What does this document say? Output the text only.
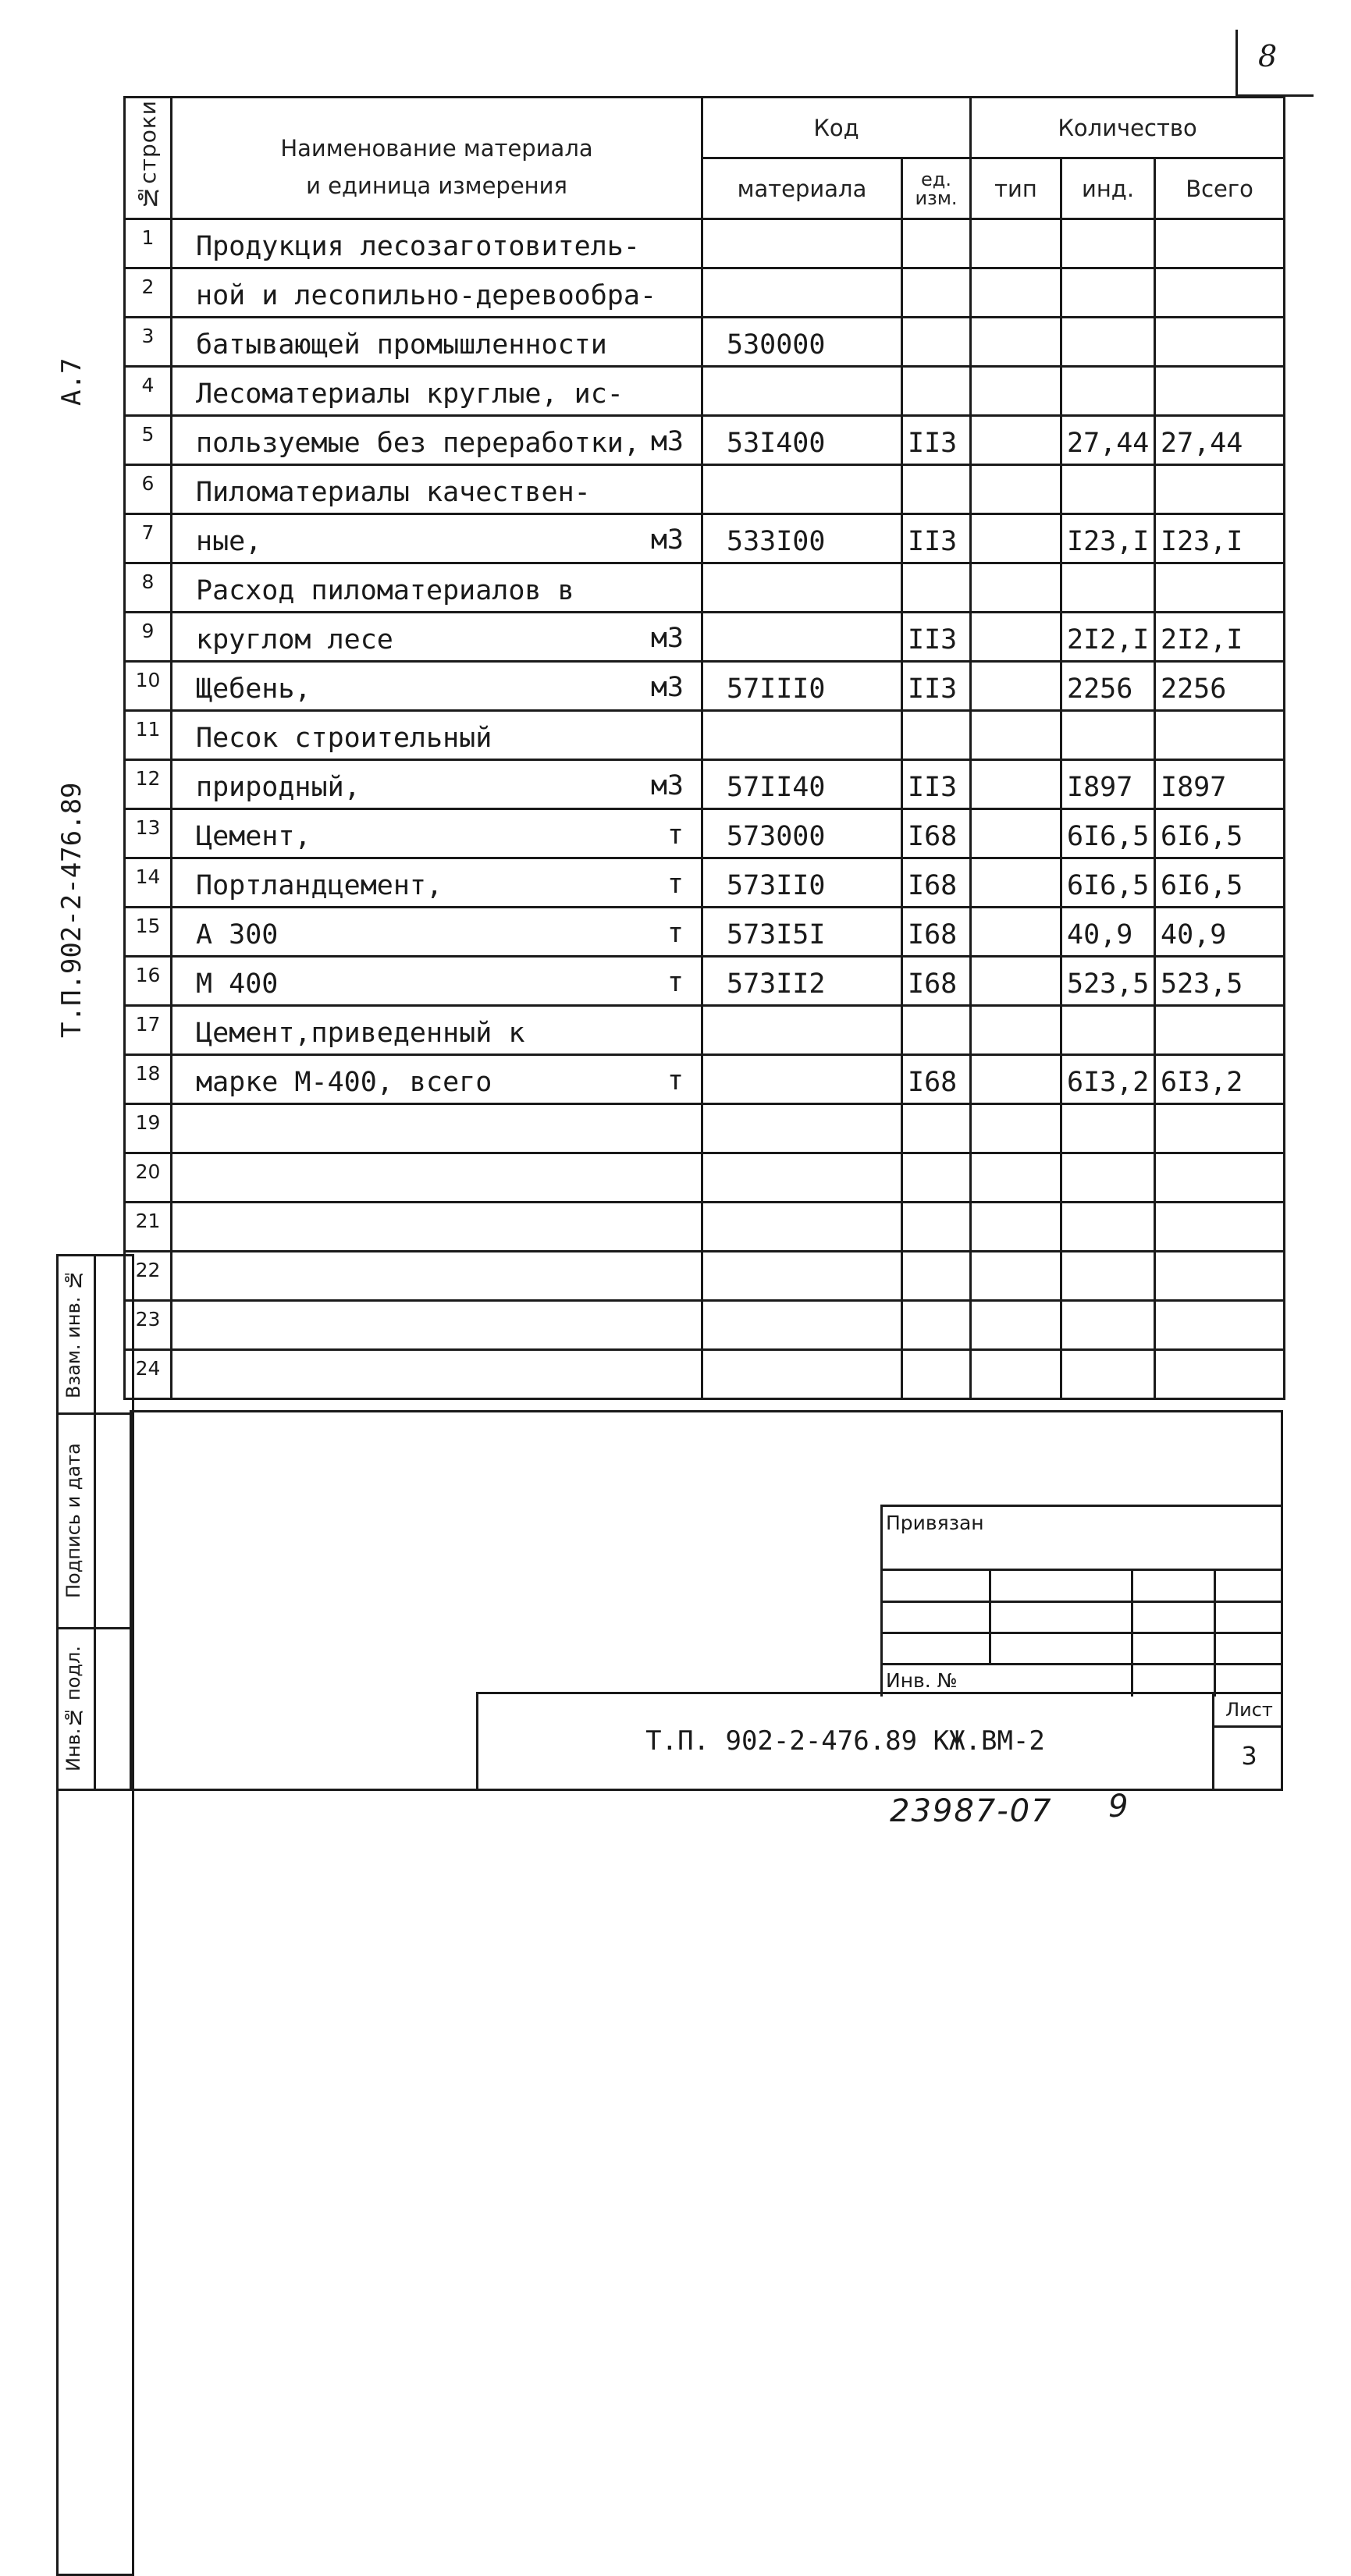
8
А.7
Т.П.902-2-476.89
№строки	Наименование материала
и единица измерения	Код		Количество		
		материала	ед. изм.	тип	инд.	Всего
1	Продукция лесозаготовитель-

2	ной и лесопильно-деревообра-

3	батывающей промышленности	530000				
4	Лесоматериалы круглые, ис-

5	пользуемые без переработки, м3	53I400	II3		27,44	27,44
6	Пиломатериалы качествен-

7	ные, м3	533I00	II3		I23,I	I23,I
8	Расход пиломатериалов в

9	круглом лесе м3		II3		2I2,I	2I2,I
10	Щебень, м3	57III0	II3		2256	2256
11	Песок строительный

12	природный, м3	57II40	II3		I897	I897
13	Цемент, т	573000	I68		6I6,5	6I6,5
14	Портландцемент, т	573II0	I68		6I6,5	6I6,5
15	А 300 т	573I5I	I68		40,9	40,9
16	М 400 т	573II2	I68		523,5	523,5
17	Цемент,приведенный к

18	марке М-400, всего т		I68		6I3,2	6I3,2
19	

20	

21	

22	

23	

24	

Взам. инв. №
Подпись и дата
Инв.№ подл.
Привязан
Инв. №
Т.П. 902-2-476.89 КЖ.ВМ-2
Лист
3
23987-07 9
